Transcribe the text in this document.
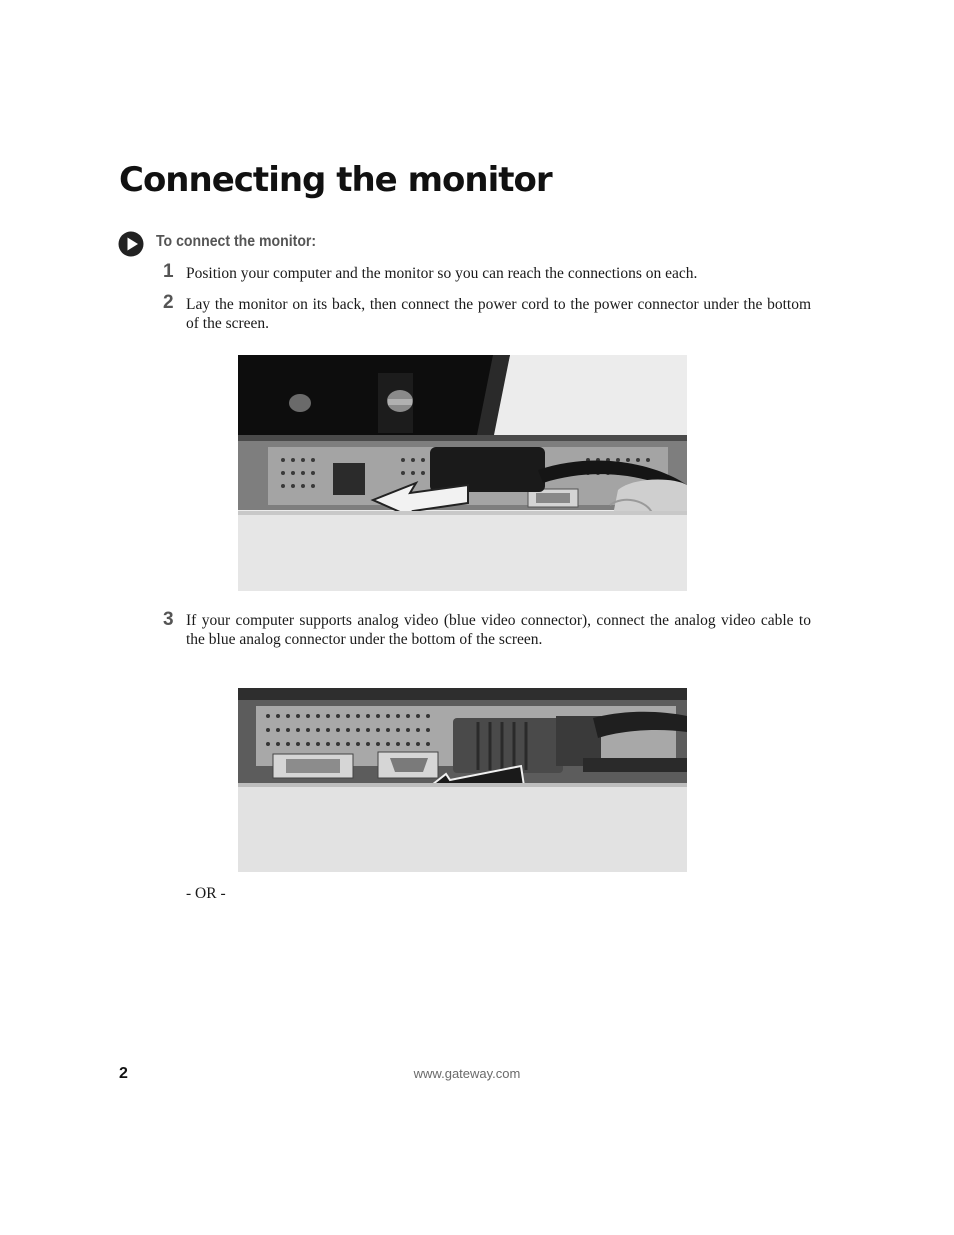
Connecting the monitor
To connect the monitor:
1 Position your computer and the monitor so you can reach the connections on each.
2 Lay the monitor on its back, then connect the power cord to the power connector under the bottom of the screen.
3 If your computer supports analog video (blue video connector), connect the analog video cable to the blue analog connector under the bottom of the screen.
- OR -
2	www.gateway.com
